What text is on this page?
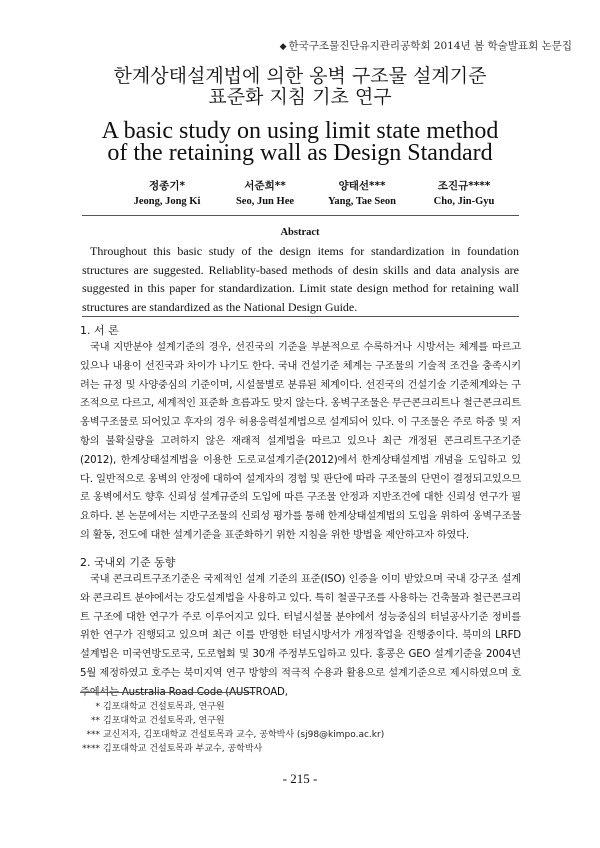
◆ 한국구조물진단유지관리공학회 2014년 봄 학술발표회 논문집
한계상태설계법에 의한 옹벽 구조물 설계기준
표준화 지침 기초 연구
A basic study on using limit state method
of the retaining wall as Design Standard
정종기*
Jeong, Jong Ki
서준희**
Seo, Jun Hee
양태선***
Yang, Tae Seon
조진규****
Cho, Jin-Gyu
Abstract

Throughout this basic study of the design items for standardization in foundation structures are suggested. Reliablity-based methods of desin skills and data analysis are suggested in this paper for standardization. Limit state design method for retaining wall structures are standardized as the National Design Guide.

1. 서 론

국내 지반분야 설계기준의 경우, 선진국의 기준을 부분적으로 수록하거나 시방서는 체계를 따르고 있으나 내용이 선진국과 차이가 나기도 한다. 국내 건설기준 체계는 구조물의 기술적 조건을 충족시키려는 규정 및 사양중심의 기준이며, 시설물별로 분류된 체계이다. 선진국의 건설기술 기준체계와는 구조적으로 다르고, 세계적인 표준화 흐름과도 맞지 않는다. 옹벽구조물은 무근콘크리트나 철근콘크리트 옹벽구조물로 되어있고 후자의 경우 허용응력설계법으로 설계되어 있다. 이 구조물은 주로 하중 및 저항의 불확실량을 고려하지 않은 재래적 설계법을 따르고 있으나 최근 개정된 콘크리트구조기준(2012), 한계상태설계법을 이용한 도로교설계기준(2012)에서 한계상태설계법 개념을 도입하고 있다. 일반적으로 옹벽의 안정에 대하여 설계자의 경험 및 판단에 따라 구조물의 단면이 결정되고있으므로 옹벽에서도 향후 신뢰성 설계규준의 도입에 따른 구조물 안정과 지반조건에 대한 신뢰성 연구가 필요하다. 본 논문에서는 지반구조물의 신뢰성 평가를 통해 한계상태설계법의 도입을 위하여 옹벽구조물의 활동, 전도에 대한 설계기준을 표준화하기 위한 지침을 위한 방법을 제안하고자 하였다.

2. 국내외 기준 동향

국내 콘크리트구조기준은 국제적인 설계 기준의 표준(ISO) 인증을 이미 받았으며 국내 강구조 설계와 콘크리트 분야에서는 강도설계법을 사용하고 있다. 특히 철골구조를 사용하는 건축물과 철근콘크리트 구조에 대한 연구가 주로 이루어지고 있다. 터널시설물 분야에서 성능중심의 터널공사기준 정비를 위한 연구가 진행되고 있으며 최근 이를 반영한 터널시방서가 개정작업을 진행중이다. 북미의 LRFD 설계법은 미국연방도로국, 도로협회 및 30개 주정부도입하고 있다. 홍콩은 GEO 설계기준을 2004년 5월 제정하였고 호주는 북미지역 연구 방향의 적극적 수용과 활용으로 설계기준으로 제시하였으며 호주에서는 Australia Road Code (AUSTROAD,

* 김포대학교 건설토목과, 연구원
** 김포대학교 건설토목과, 연구원
*** 교신저자, 김포대학교 건설토목과 교수, 공학박사 (sj98@kimpo.ac.kr)
**** 김포대학교 건설토목과 부교수, 공학박사
- 215 -
